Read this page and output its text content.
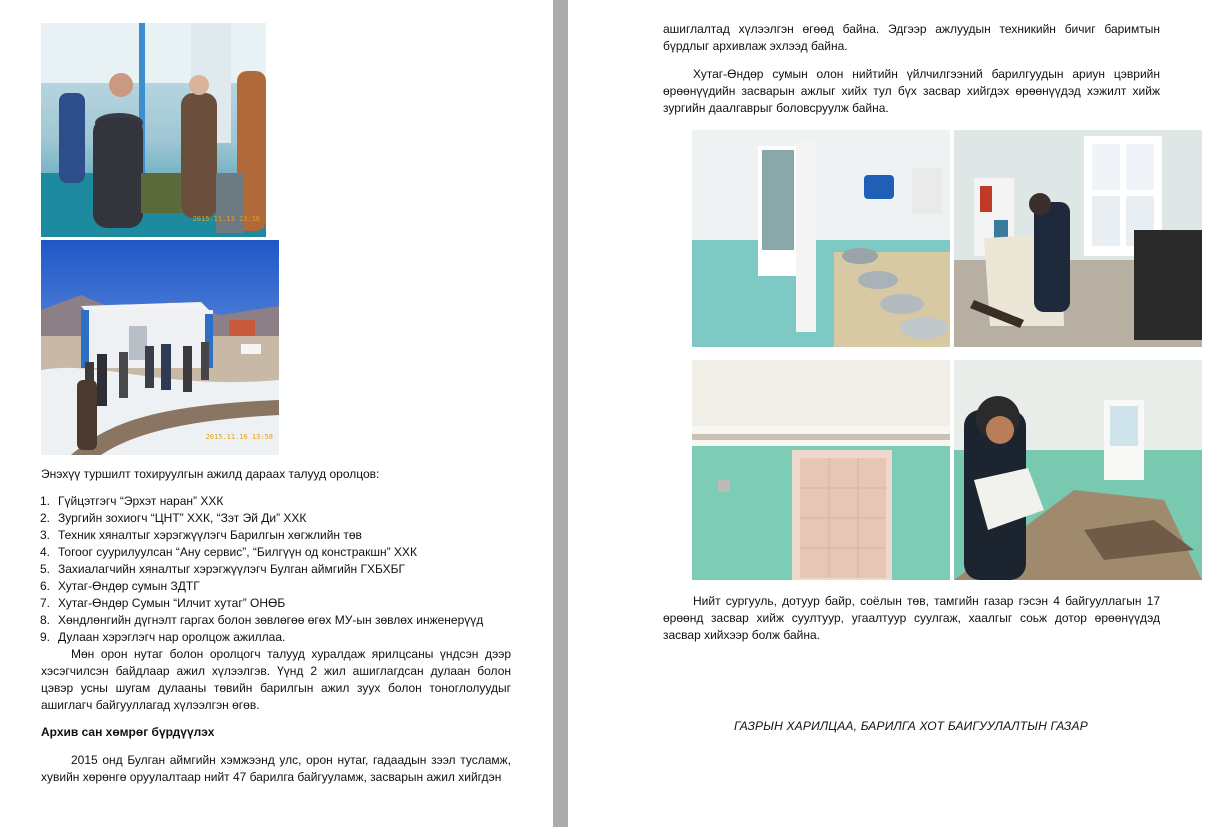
2015.11.13 13:16
2015.11.16 13:58

Энэхүү туршилт тохируулгын ажилд дараах талууд оролцов:

1. Гүйцэтгэгч “Эрхэт наран” ХХК
2. Зургийн зохиогч “ЦНТ” ХХК, “Зэт Эй Ди” ХХК
3. Техник хяналтыг хэрэгжүүлэгч Барилгын хөгжлийн төв
4. Тогоог суурилуулсан “Ану сервис”, “Билгүүн од констракшн” ХХК
5. Захиалагчийн хяналтыг хэрэгжүүлэгч Булган аймгийн ГХБХБГ
6. Хутаг-Өндөр сумын ЗДТГ
7. Хутаг-Өндөр Сумын “Илчит хутаг” ОНӨБ
8. Хөндлөнгийн дүгнэлт гаргах болон зөвлөгөө өгөх МУ-ын зөвлөх инженерүүд
9. Дулаан хэрэглэгч нар оролцож ажиллаа.

Мөн орон нутаг болон оролцогч талууд хуралдаж ярилцсаны үндсэн дээр хэсэгчилсэн байдлаар ажил хүлээлгэв. Үүнд 2 жил ашиглагдсан дулаан болон цэвэр усны шугам дулааны төвийн барилгын ажил зуух болон тоноглолуудыг ашиглагч байгууллагад хүлээлгэн өгөв.

Архив сан хөмрөг бүрдүүлэх

2015 онд Булган аймгийн хэмжээнд улс, орон нутаг, гадаадын зээл тусламж, хувийн хөрөнгө оруулалтаар нийт 47 барилга байгууламж, засварын ажил хийгдэн

ашиглалтад хүлээлгэн өгөөд байна. Эдгээр ажлуудын техникийн бичиг баримтын бүрдлыг архивлаж эхлээд байна.

Хутаг-Өндөр сумын олон нийтийн үйлчилгээний барилгуудын ариун цэврийн өрөөнүүдийн засварын ажлыг хийх тул бүх засвар хийгдэх өрөөнүүдэд хэжилт хийж зургийн даалгаврыг боловсруулж байна.

Нийт сургууль, дотуур байр, соёлын төв, тамгийн газар гэсэн 4 байгууллагын 17 өрөөнд засвар хийж суултуур, угаалтуур суулгаж, хаалгыг соьж дотор өрөөнүүдэд засвар хийхээр болж байна.

ГАЗРЫН ХАРИЛЦАА, БАРИЛГА ХОТ БАИГУУЛАЛТЫН ГАЗАР
